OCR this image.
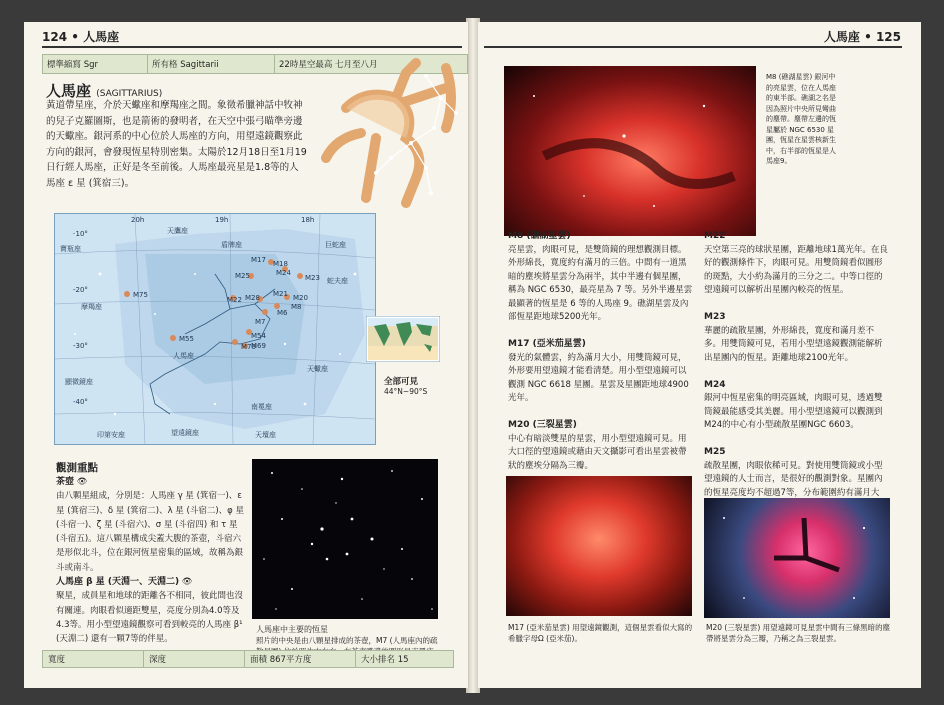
124 • 人馬座
標準縮寫 Sgr	所有格 Sagittarii	22時星空最高 七月至八月
人馬座 (SAGITTARIUS)
黃道帶星座，介於天蠍座和摩羯座之間。象徵希臘神話中牧神的兒子克羅圖斯，也是箭術的發明者，在天空中張弓瞄準旁邊的天蠍座。銀河系的中心位於人馬座的方向，用望遠鏡觀察此方向的銀河，會發現恆星特別密集。太陽於12月18日至1月19日行經人馬座，正好是冬至前後。人馬座最亮星是1.8等的人馬座 ε 星 (箕宿三)。
20h	19h	18h
-10°
-20°
-30°
-40°
天鷹座
盾牌座	巨蛇座
寶瓶座
摩羯座
蛇夫座
人馬座
天蠍座
顯微鏡座
南冕座
印第安座	望遠鏡座	天壇座
M17 M18
M24
M23
M25
M75
M22 M28 M21 M20
M8
M6
M7
M54
M70
M69
M55
全部可見
44°N~90°S
觀測重點
茶壺 👁
由八顆星組成，分別是：人馬座 γ 星 (箕宿一)、ε 星 (箕宿三)、δ 星 (箕宿二)、λ 星 (斗宿二)、φ 星 (斗宿一)、ζ 星 (斗宿六)、σ 星 (斗宿四) 和 τ 星 (斗宿五)。這八顆星構成尖蓋大腹的茶壺，斗宿六是形似北斗，位在銀河恆星密集的區域，故稱為銀斗或南斗。
人馬座 β 星 (天淵一、天淵二) 👁
聚星，成員星和地球的距離各不相同，彼此間也沒有關連。肉眼看似適距雙星，亮度分別為4.0等及4.3等。用小型望遠鏡觀察可看到較亮的人馬座 β¹ (天淵二) 還有一顆7等的伴星。
人馬座中主要的恆星
照片的中央是由八顆星排成的茶壺，M7 (人馬座內的疏
寬度	深度	面積 867平方度	大小排名 15
人馬座 • 125
M8 (礁湖星雲) 銀河中的亮星雲，位在人馬座的東半部。礁湖之名是因為照片中央所見彎曲的塵帶。塵帶左邊的恆星屬於 NGC 6530 星團，恆星在星雲核新生中，右半部的恆星是人馬座9。
M8 (礁湖星雲)
亮星雲，肉眼可見，是雙筒鏡的理想觀測目標。外形綿長，寬度約有滿月的三倍。中間有一道黑暗的塵埃將星雲分為兩半，其中半邊有個星團，稱為 NGC 6530，最亮星為 7 等。另外半邊星雲最顯著的恆星是 6 等的人馬座 9。礁湖星雲及內部恆星距地球5200光年。

M17 (亞米茄星雲)
發光的氣體雲，約為滿月大小，用雙筒鏡可見，外形要用望遠鏡才能看清楚。用小型望遠鏡可以觀測 NGC 6618 星團。星雲及星團距地球4900光年。

M20 (三裂星雲)
中心有暗淡雙星的星雲，用小型望遠鏡可見。用大口徑的望遠鏡或藉由天文攝影可看出星雲被帶狀的塵埃分隔為三瓣。
M22
天空第三亮的球狀星團，距離地球1萬光年。在良好的觀測條件下，肉眼可見。用雙筒鏡看似圓形的斑點，大小約為滿月的三分之二。中等口徑的望遠鏡可以解析出星團內較亮的恆星。

M23
華麗的疏散星團，外形綿長，寬度和滿月差不多。用雙筒鏡可見，若用小型望遠鏡觀測能解析出星團內的恆星。距離地球2100光年。

M24
銀河中恆星密集的明亮區域，肉眼可見，透過雙筒鏡最能感受其美麗。用小型望遠鏡可以觀測到M24的中心有小型疏散星團NGC 6603。

M25
疏散星團，肉眼依稀可見。對使用雙筒鏡或小型望遠鏡的人士而言，是很好的觀測對象。星團內的恆星亮度均不超過7等，分布範圍約有滿月大
M17 (亞米茄星雲) 用望遠鏡觀測，這個星雲看似大寫的希臘字母Ω (亞米茄)。
M20 (三裂星雲) 用望遠鏡可見星雲中間有三條黑暗的塵帶將星雲分為三瓣，乃稱之為三裂星雲。
